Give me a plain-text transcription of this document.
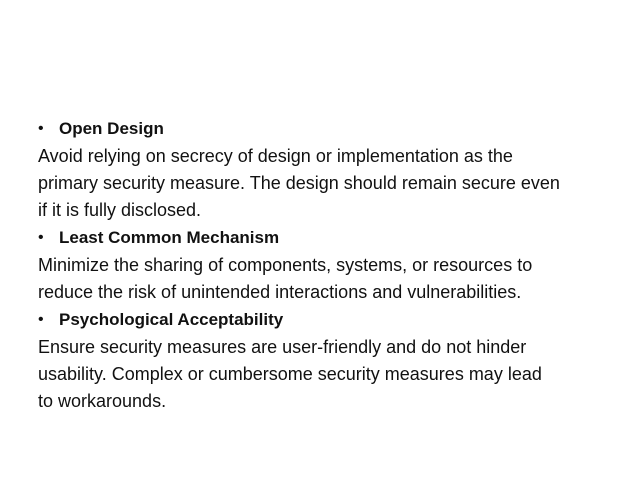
• Open Design
Avoid relying on secrecy of design or implementation as the
primary security measure. The design should remain secure even
if it is fully disclosed.
• Least Common Mechanism
Minimize the sharing of components, systems, or resources to
reduce the risk of unintended interactions and vulnerabilities.
• Psychological Acceptability
Ensure security measures are user-friendly and do not hinder
usability. Complex or cumbersome security measures may lead
to workarounds.
